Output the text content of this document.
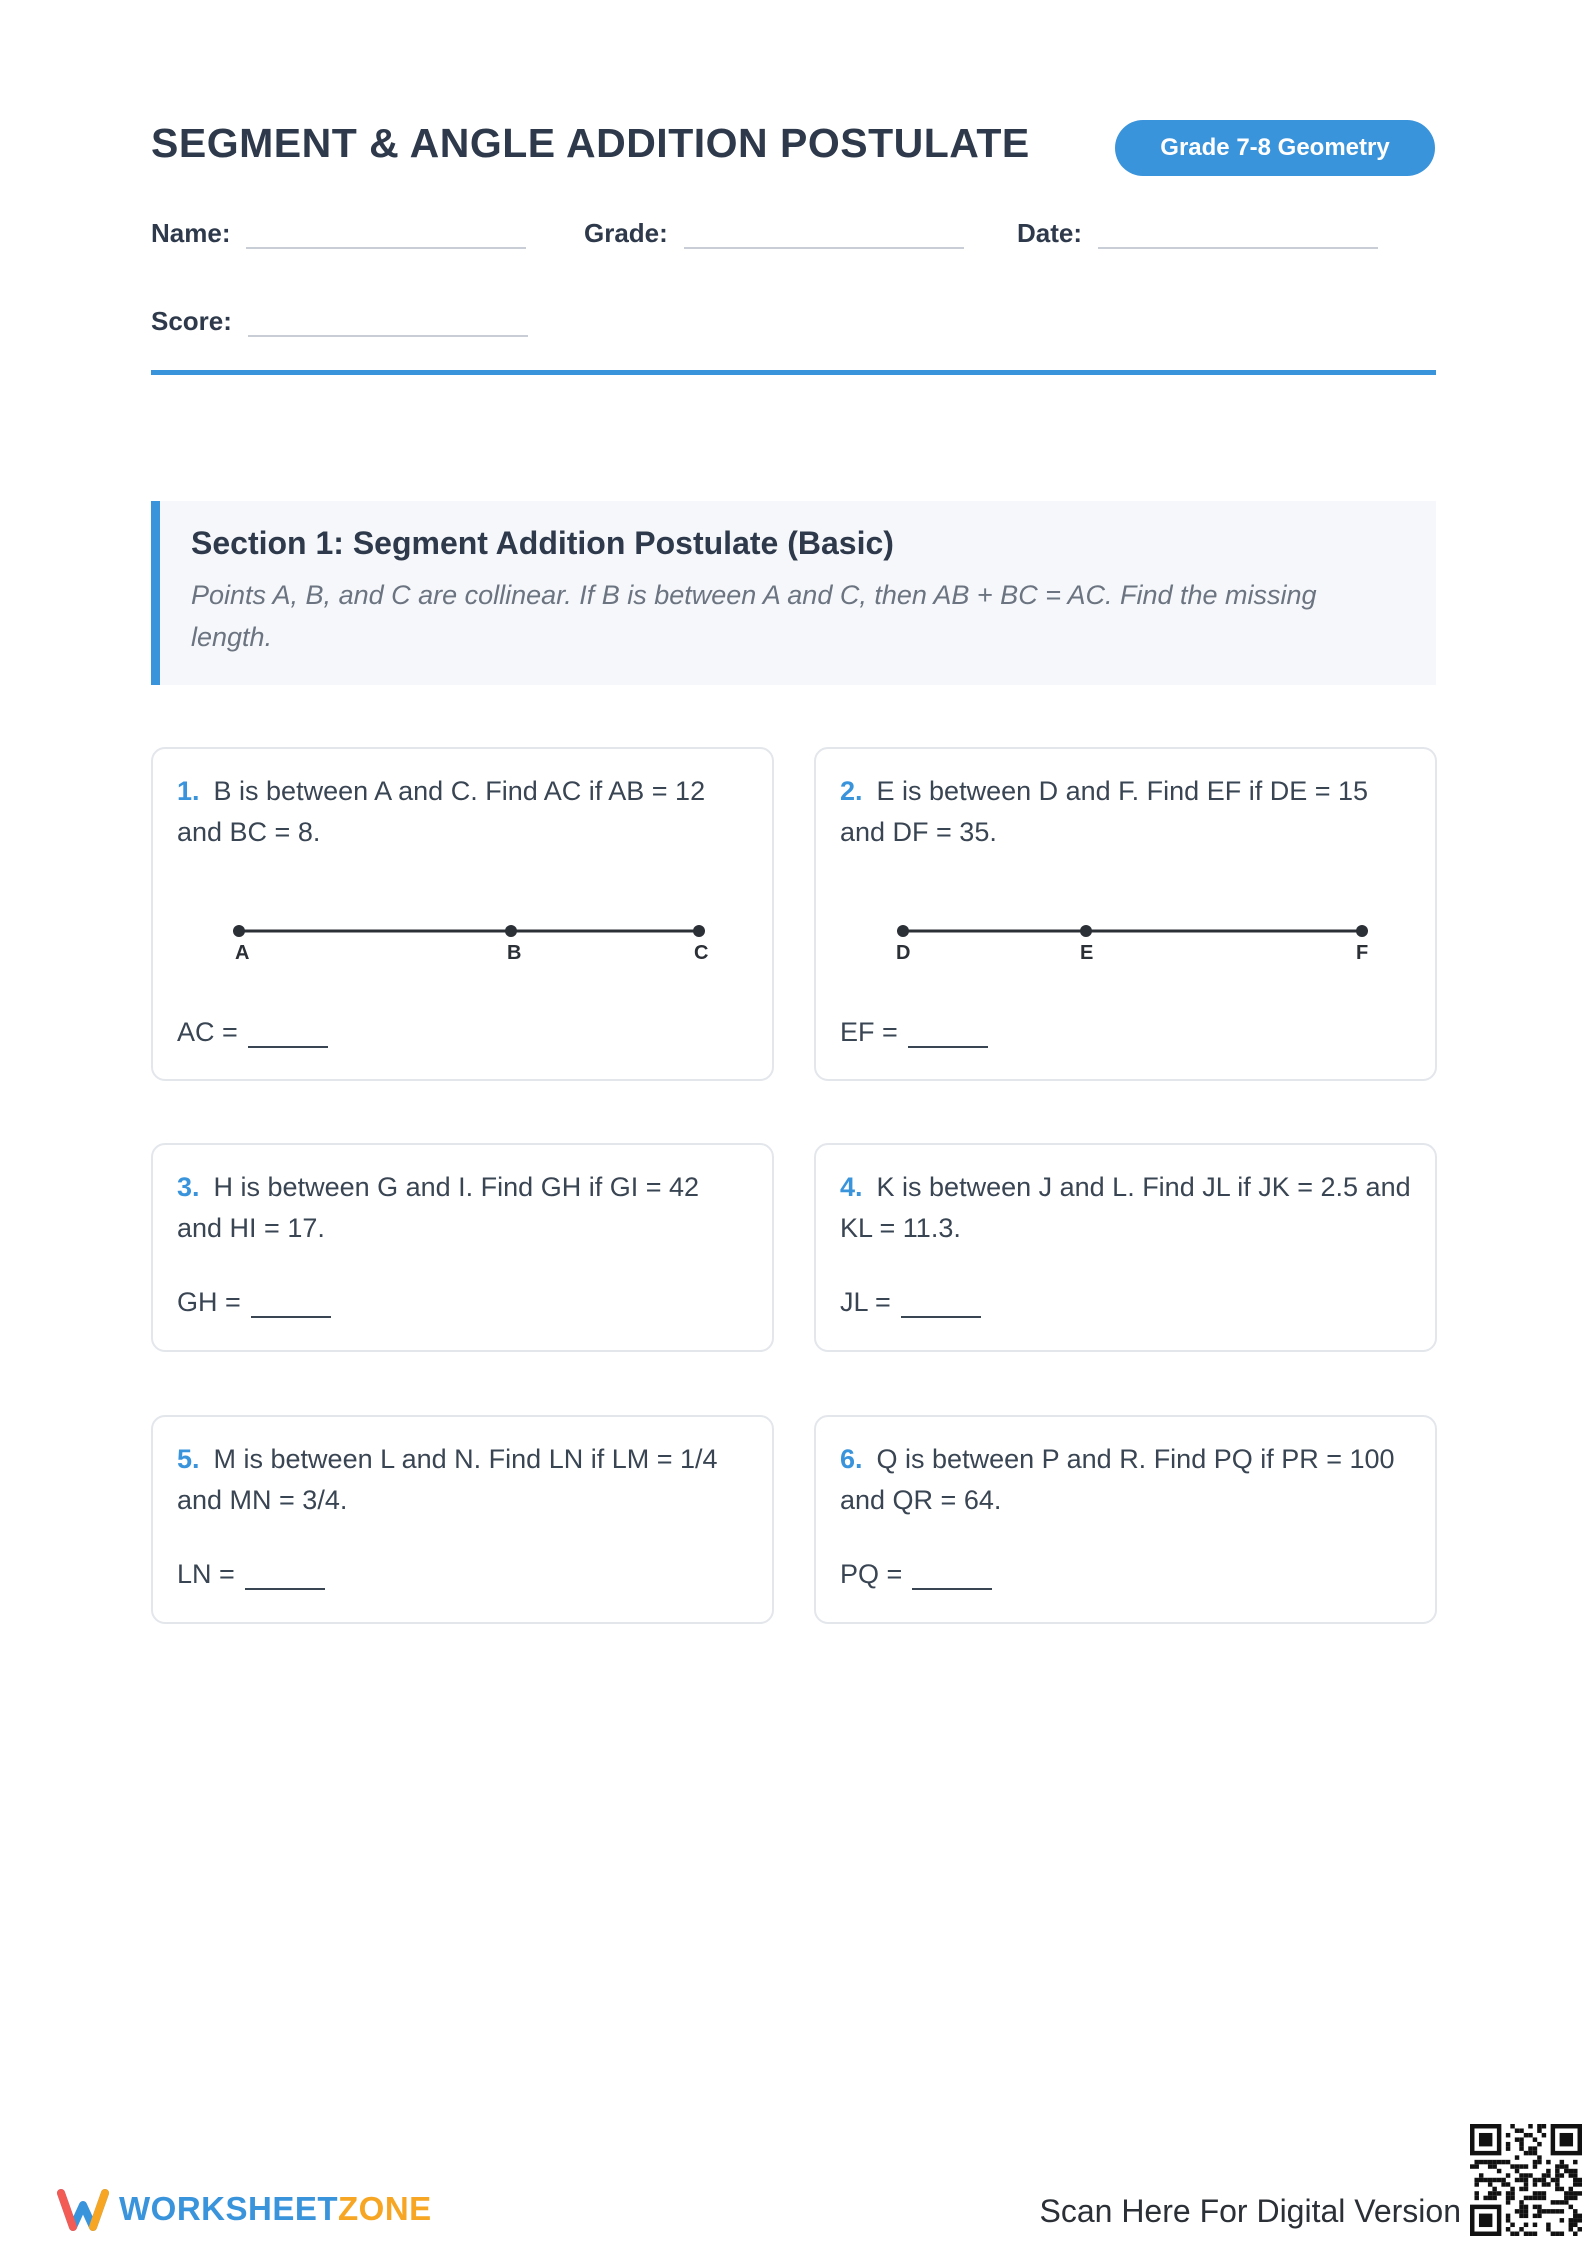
SEGMENT & ANGLE ADDITION POSTULATE	Grade 7-8 Geometry
Name:	Grade:	Date:
Score:
Section 1: Segment Addition Postulate (Basic)

Points A, B, and C are collinear. If B is between A and C, then AB + BC = AC. Find the missing length.

1. B is between A and C. Find AC if AB = 12 and BC = 8.

A	B	C
AC =

2. E is between D and F. Find EF if DE = 15 and DF = 35.

D	E	F
EF =

3. H is between G and I. Find GH if GI = 42 and HI = 17.

GH =

4. K is between J and L. Find JL if JK = 2.5 and KL = 11.3.

JL =

5. M is between L and N. Find LN if LM = 1/4 and MN = 3/4.

LN =

6. Q is between P and R. Find PQ if PR = 100 and QR = 64.

PQ =
WORKSHEETZONE	Scan Here For Digital Version
